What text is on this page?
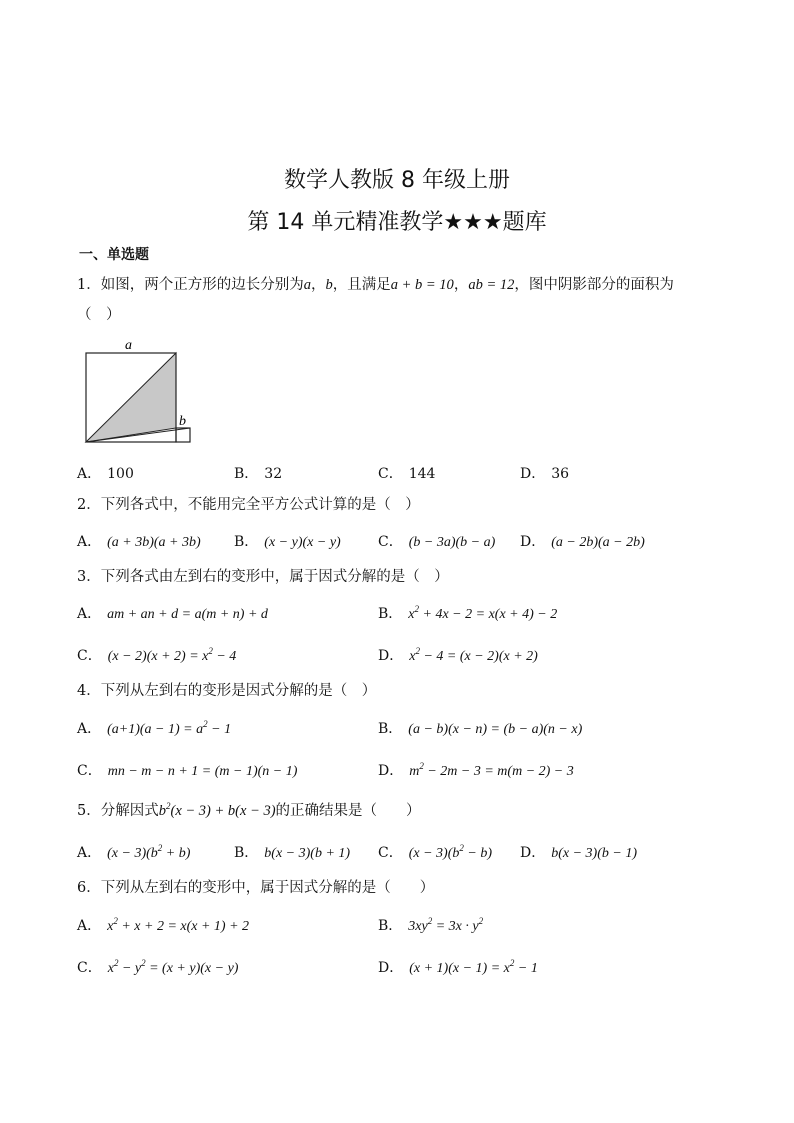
数学人教版 8 年级上册
第 14 单元精准教学★★★题库
一、单选题
1．如图，两个正方形的边长分别为a，b，且满足a + b = 10，ab = 12，图中阴影部分的面积为
（　）
a
b
A． 100	B． 32	C． 144	D． 36
2．下列各式中，不能用完全平方公式计算的是（　）
A． (a + 3b)(a + 3b) B． (x − y)(x − y)	C． (b − 3a)(b − a) D． (a − 2b)(a − 2b)
3．下列各式由左到右的变形中，属于因式分解的是（　）
A． am + an + d = a(m + n) + d	B． $x^2 + 4x - 2 = x(x + 4) - 2$
C． $(x - 2)(x + 2) = x^2 - 4$	D． $x^2 - 4 = (x - 2)(x + 2)$
4．下列从左到右的变形是因式分解的是（　）
A． $(a+1)(a - 1) = a^2 - 1$	B． (a − b)(x − n) = (b − a)(n − x)
C． mn − m − n + 1 = (m − 1)(n − 1)	D． $m^2 - 2m - 3 = m(m - 2) - 3$
5．分解因式$b^2(x - 3) + b(x - 3)$的正确结果是（　　）
A． $(x - 3)(b^2 + b)$	B． b(x − 3)(b + 1) C． $(x - 3)(b^2 - b)$ D． b(x − 3)(b − 1)
6．下列从左到右的变形中，属于因式分解的是（　　）
A． $x^2 + x + 2 = x(x + 1) + 2$	B． $3xy^2 = 3x \cdot y^2$
C． $x^2 - y^2 = (x + y)(x - y)$	D． $(x + 1)(x - 1) = x^2 - 1$
